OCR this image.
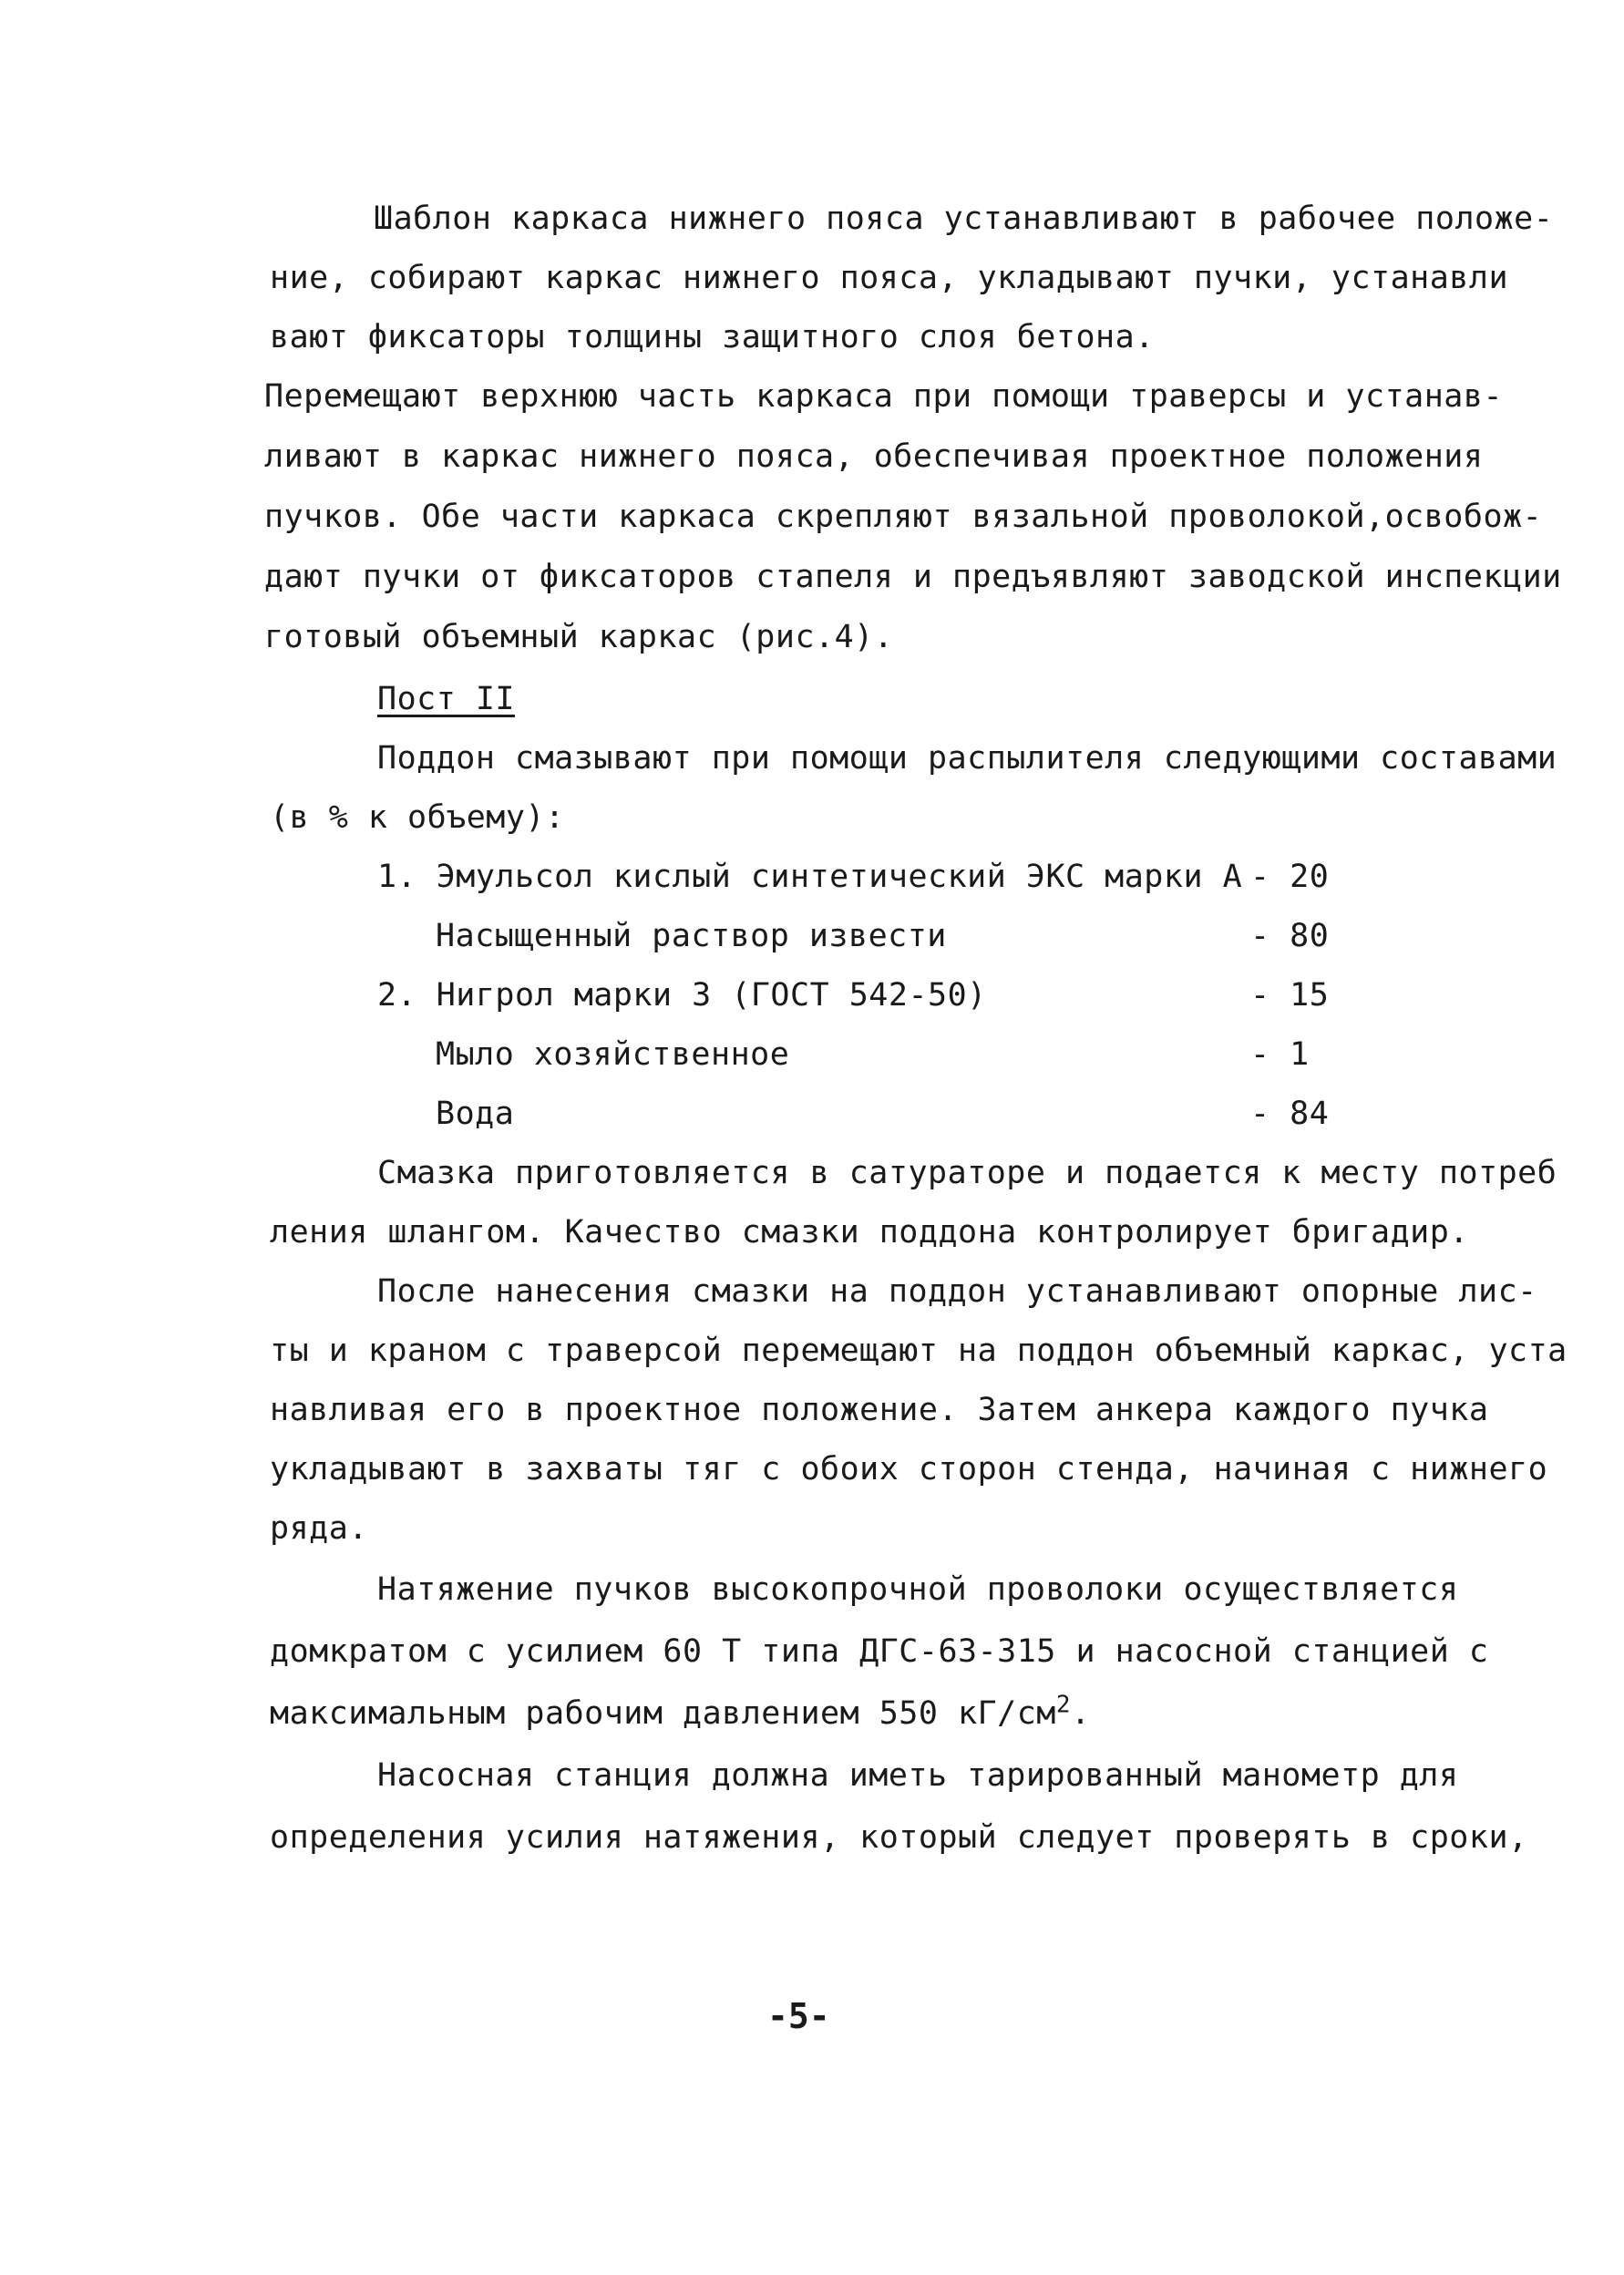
Шаблон каркаса нижнего пояса устанавливают в рабочее положе-
ние, собирают каркас нижнего пояса, укладывают пучки, устанавли
вают фиксаторы толщины защитного слоя бетона.
Перемещают верхнюю часть каркаса при помощи траверсы и устанав-
ливают в каркас нижнего пояса, обеспечивая проектное положения
пучков. Обе части каркаса скрепляют вязальной проволокой,освобож-
дают пучки от фиксаторов стапеля и предъявляют заводской инспекции
готовый объемный каркас (рис.4).
Пост II
Поддон смазывают при помощи распылителя следующими составами
(в % к объему):
1. Эмульсол кислый синтетический ЭКС марки А - 20
Насыщенный раствор извести	- 80
2. Нигрол марки З (ГОСТ 542-50)	- 15
Мыло хозяйственное	- 1
Вода	- 84
Смазка приготовляется в сатураторе и подается к месту потреб
ления шлангом. Качество смазки поддона контролирует бригадир.
После нанесения смазки на поддон устанавливают опорные лис-
ты и краном с траверсой перемещают на поддон объемный каркас, уста
навливая его в проектное положение. Затем анкера каждого пучка
укладывают в захваты тяг с обоих сторон стенда, начиная с нижнего
ряда.
Натяжение пучков высокопрочной проволоки осуществляется
домкратом с усилием 60 Т типа ДГС-63-315 и насосной станцией с
максимальным рабочим давлением 550 $кГ/см^2$.
Насосная станция должна иметь тарированный манометр для
определения усилия натяжения, который следует проверять в сроки,
-5-
